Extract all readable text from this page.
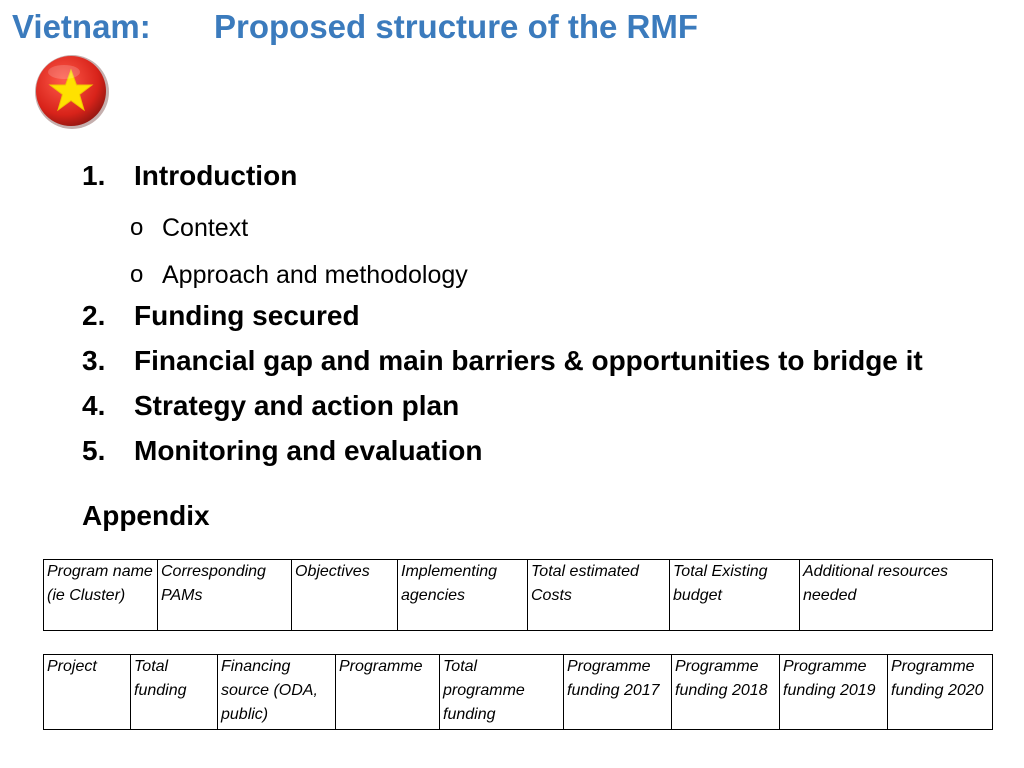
Vietnam: Proposed structure of the RMF
1. Introduction
o Context
o Approach and methodology
2. Funding secured
3. Financial gap and main barriers & opportunities to bridge it
4. Strategy and action plan
5. Monitoring and evaluation
Appendix
Program name (ie Cluster)	Corresponding PAMs	Objectives	Implementing agencies	Total estimated Costs	Total Existing budget	Additional resources needed
Project	Total funding	Financing source (ODA, public)	Programme	Total programme funding	Programme funding 2017	Programme funding 2018	Programme funding 2019	Programme funding 2020
